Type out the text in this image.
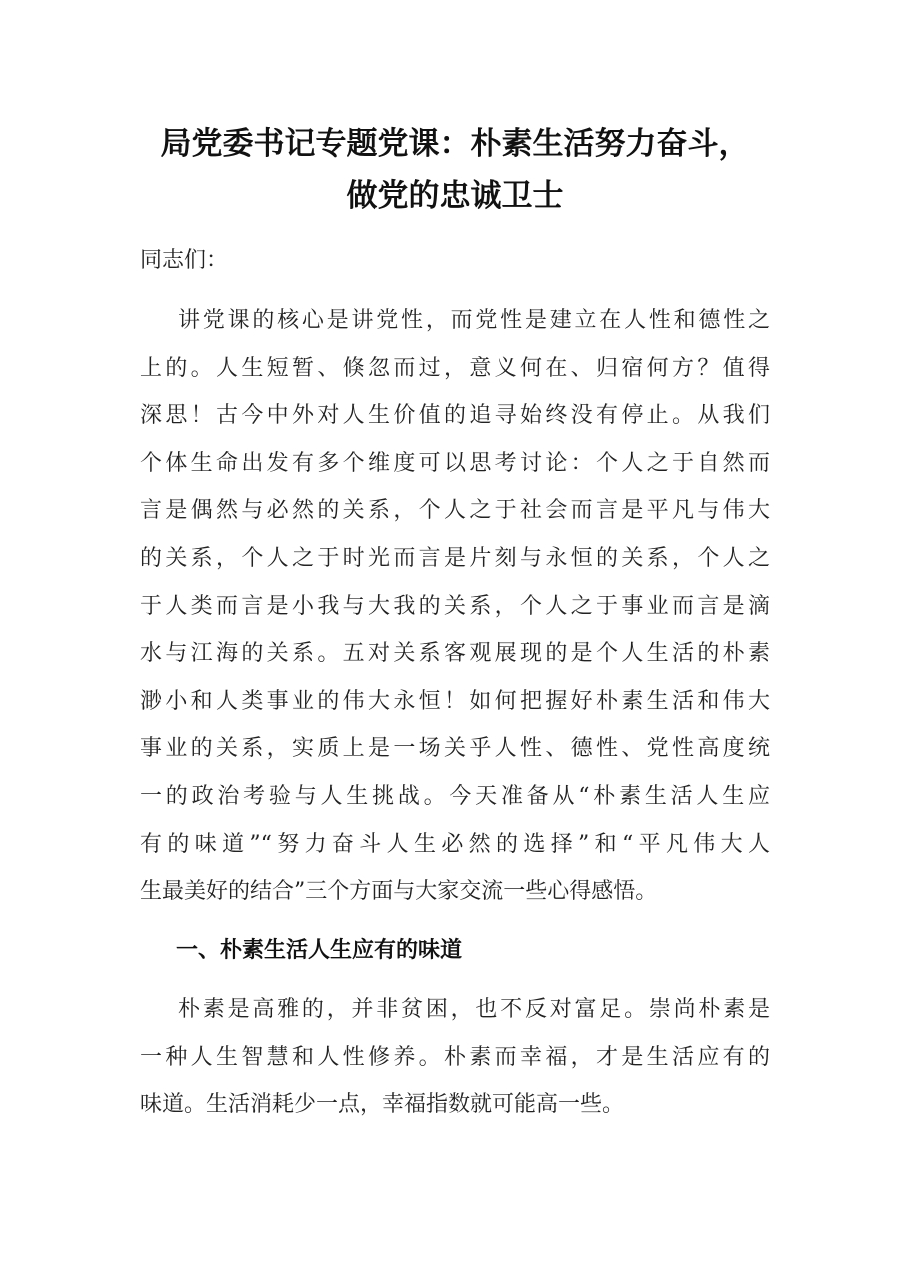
局党委书记专题党课：朴素生活努力奋斗，
做党的忠诚卫士

同志们：

讲党课的核心是讲党性，而党性是建立在人性和德性之
上的。人生短暂、倏忽而过，意义何在、归宿何方？值得
深思！古今中外对人生价值的追寻始终没有停止。从我们
个体生命出发有多个维度可以思考讨论：个人之于自然而
言是偶然与必然的关系，个人之于社会而言是平凡与伟大
的关系，个人之于时光而言是片刻与永恒的关系，个人之
于人类而言是小我与大我的关系，个人之于事业而言是滴
水与江海的关系。五对关系客观展现的是个人生活的朴素
渺小和人类事业的伟大永恒！如何把握好朴素生活和伟大
事业的关系，实质上是一场关乎人性、德性、党性高度统
一的政治考验与人生挑战。今天准备从“朴素生活人生应
有的味道”“努力奋斗人生必然的选择”和“平凡伟大人
生最美好的结合”三个方面与大家交流一些心得感悟。
一、朴素生活人生应有的味道
朴素是高雅的，并非贫困，也不反对富足。崇尚朴素是
一种人生智慧和人性修养。朴素而幸福，才是生活应有的
味道。生活消耗少一点，幸福指数就可能高一些。
